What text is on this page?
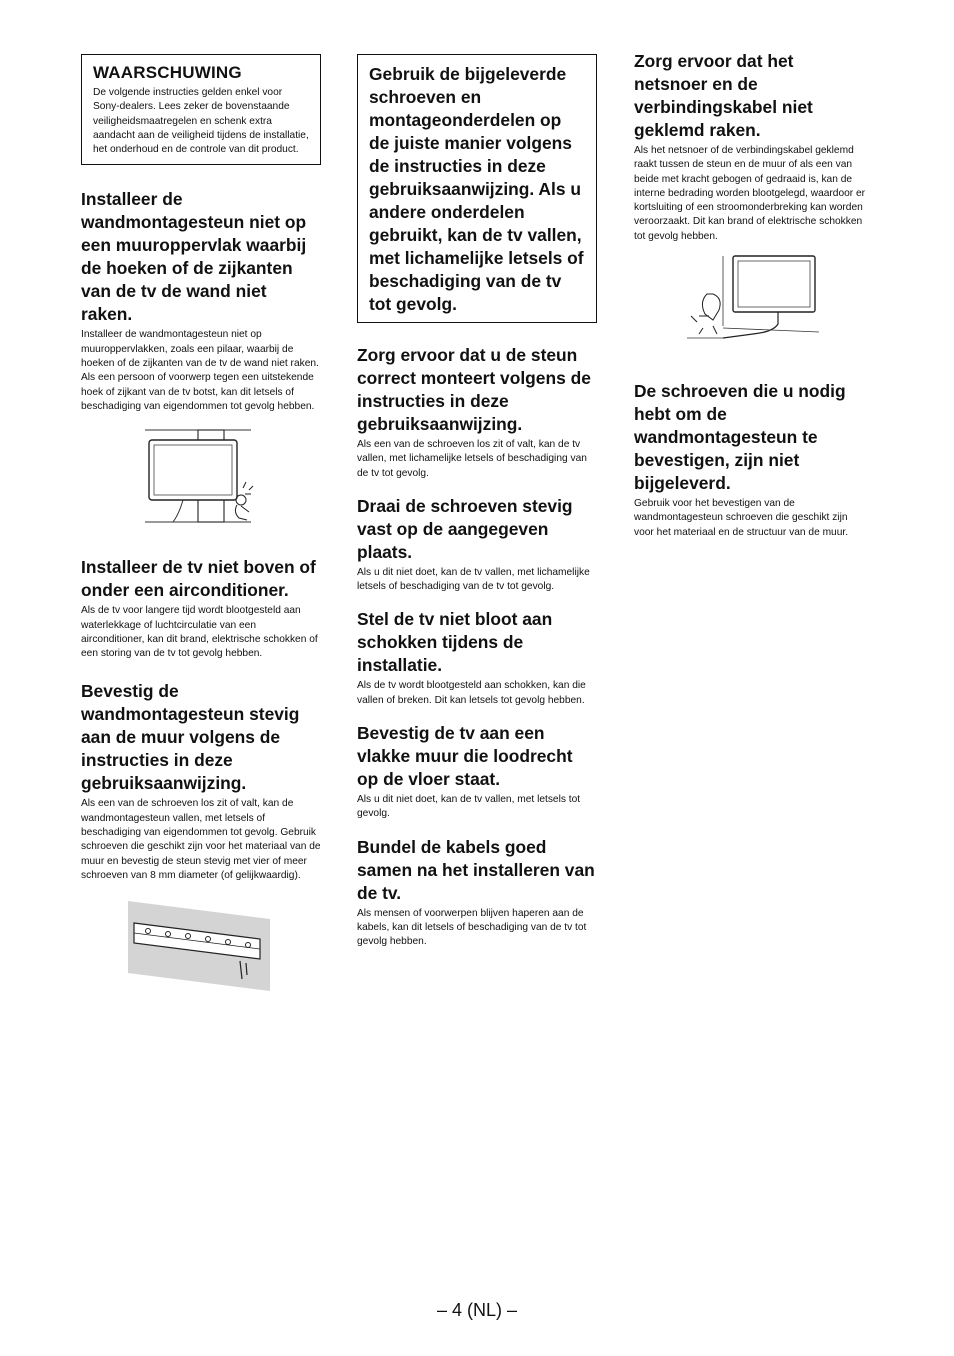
WAARSCHUWING

De volgende instructies gelden enkel voor Sony-dealers. Lees zeker de bovenstaande veiligheidsmaatregelen en schenk extra aandacht aan de veiligheid tijdens de installatie, het onderhoud en de controle van dit product.

Installeer de wandmontagesteun niet op een muuroppervlak waarbij de hoeken of de zijkanten van de tv de wand niet raken.

Installeer de wandmontagesteun niet op muuroppervlakken, zoals een pilaar, waarbij de hoeken of de zijkanten van de tv de wand niet raken. Als een persoon of voorwerp tegen een uitstekende hoek of zijkant van de tv botst, kan dit letsels of beschadiging van eigendommen tot gevolg hebben.

Installeer de tv niet boven of onder een airconditioner.

Als de tv voor langere tijd wordt blootgesteld aan waterlekkage of luchtcirculatie van een airconditioner, kan dit brand, elektrische schokken of een storing van de tv tot gevolg hebben.

Bevestig de wandmontagesteun stevig aan de muur volgens de instructies in deze gebruiksaanwijzing.

Als een van de schroeven los zit of valt, kan de wandmontagesteun vallen, met letsels of beschadiging van eigendommen tot gevolg. Gebruik schroeven die geschikt zijn voor het materiaal van de muur en bevestig de steun stevig met vier of meer schroeven van 8 mm diameter (of gelijkwaardig).

Gebruik de bijgeleverde schroeven en montageonderdelen op de juiste manier volgens de instructies in deze gebruiksaanwijzing. Als u andere onderdelen gebruikt, kan de tv vallen, met lichamelijke letsels of beschadiging van de tv tot gevolg.

Zorg ervoor dat u de steun correct monteert volgens de instructies in deze gebruiksaanwijzing.

Als een van de schroeven los zit of valt, kan de tv vallen, met lichamelijke letsels of beschadiging van de tv tot gevolg.

Draai de schroeven stevig vast op de aangegeven plaats.

Als u dit niet doet, kan de tv vallen, met lichamelijke letsels of beschadiging van de tv tot gevolg.

Stel de tv niet bloot aan schokken tijdens de installatie.

Als de tv wordt blootgesteld aan schokken, kan die vallen of breken. Dit kan letsels tot gevolg hebben.

Bevestig de tv aan een vlakke muur die loodrecht op de vloer staat.

Als u dit niet doet, kan de tv vallen, met letsels tot gevolg.

Bundel de kabels goed samen na het installeren van de tv.

Als mensen of voorwerpen blijven haperen aan de kabels, kan dit letsels of beschadiging van de tv tot gevolg hebben.

Zorg ervoor dat het netsnoer en de verbindingskabel niet geklemd raken.

Als het netsnoer of de verbindingskabel geklemd raakt tussen de steun en de muur of als een van beide met kracht gebogen of gedraaid is, kan de interne bedrading worden blootgelegd, waardoor er kortsluiting of een stroomonderbreking kan worden veroorzaakt. Dit kan brand of elektrische schokken tot gevolg hebben.

De schroeven die u nodig hebt om de wandmontagesteun te bevestigen, zijn niet bijgeleverd.

Gebruik voor het bevestigen van de wandmontagesteun schroeven die geschikt zijn voor het materiaal en de structuur van de muur.

– 4 (NL) –
